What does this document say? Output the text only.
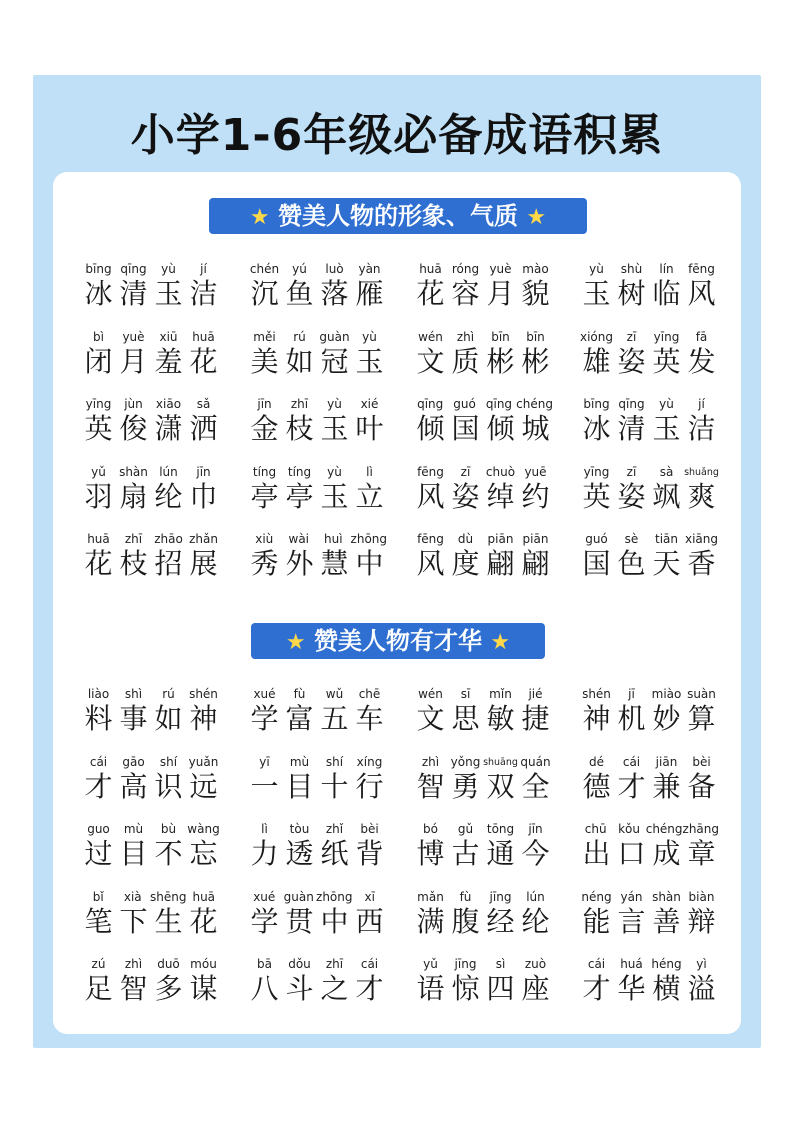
小学1-6年级必备成语积累
★ 赞美人物的形象、气质 ★
bīng qīng	yù	jí
冰 清 玉 洁
chén	yú	luò	yàn
沉 鱼 落 雁
huā róng yuè mào
花 容 月 貌
yù	shù	lín	fēng
玉 树 临 风
bì	yuè	xiū	huā
闭 月 羞 花
měi	rú	guàn	yù
美 如 冠 玉
wén	zhì	bīn	bīn
文 质 彬 彬
xióng	zī	yīng	fā
雄 姿 英 发
yīng	jùn	xiāo	sǎ
英 俊 潇 洒
jīn	zhī	yù	xié
金 枝 玉 叶
qīng guó qīng chéng
倾 国 倾 城
bīng qīng	yù	jí
冰 清 玉 洁
yǔ	shàn lún	jīn
羽 扇 纶 巾
tíng tíng	yù	lì
亭 亭 玉 立
fēng	zī	chuò yuē
风 姿 绰 约
yīng	zī	sà	shuǎng
英 姿 飒 爽
huā	zhī	zhāo zhǎn
花 枝 招 展
xiù	wài	huì zhōng
秀 外 慧 中
fēng	dù	piān piān
风 度 翩 翩
guó	sè	tiān xiāng
国 色 天 香
★ 赞美人物有才华 ★
liào	shì	rú	shén
料 事 如 神
xué	fù	wǔ	chē
学 富 五 车
wén	sī	mǐn	jié
文 思 敏 捷
shén	jī	miào suàn
神 机 妙 算
cái	gāo	shí yuǎn
才 高 识 远
yī	mù	shí	xíng
一 目 十 行
zhì yǒng shuāng quán
智 勇 双 全
dé	cái	jiān	bèi
德 才 兼 备
guo	mù	bù wàng
过 目 不 忘
lì	tòu	zhǐ	bèi
力 透 纸 背
bó	gǔ	tōng	jīn
博 古 通 今
chū kǒu chéng zhāng
出 口 成 章
bǐ	xià shēng huā
笔 下 生 花
xué guàn zhōng	xī
学 贯 中 西
mǎn	fù	jīng	lún
满 腹 经 纶
néng yán shàn biàn
能 言 善 辩
zú	zhì	duō móu
足 智 多 谋
bā	dǒu	zhī	cái
八 斗 之 才
yǔ	jīng	sì	zuò
语 惊 四 座
cái	huá héng	yì
才 华 横 溢
